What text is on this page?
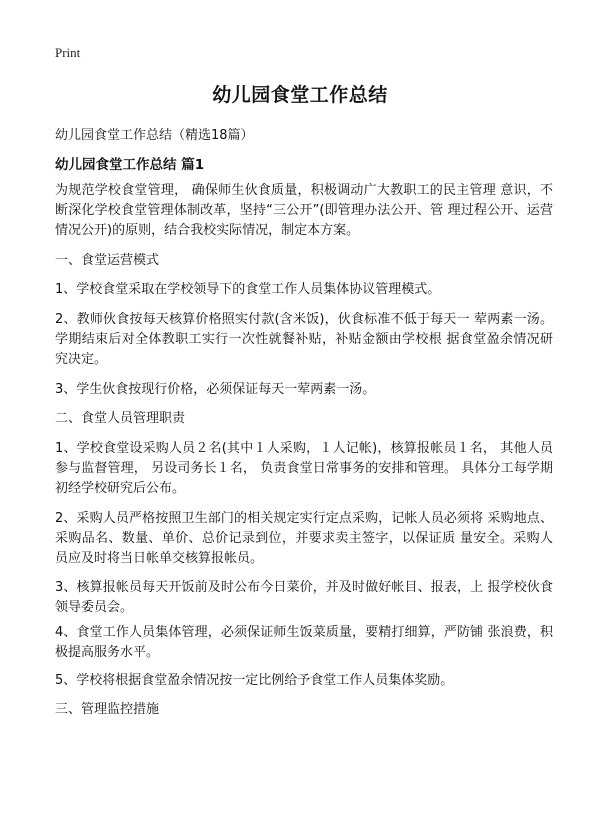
Print
幼儿园食堂工作总结

幼儿园食堂工作总结（精选18篇）

幼儿园食堂工作总结 篇1

为规范学校食堂管理， 确保师生伙食质量，积极调动广大教职工的民主管理 意识，不断深化学校食堂管理体制改革，坚持“三公开”(即管理办法公开、管 理过程公开、运营情况公开)的原则，结合我校实际情况，制定本方案。

一、食堂运营模式

1、学校食堂采取在学校领导下的食堂工作人员集体协议管理模式。

2、教师伙食按每天核算价格照实付款(含米饭)，伙食标准不低于每天一 荤两素一汤。 学期结束后对全体教职工实行一次性就餐补贴，补贴金额由学校根 据食堂盈余情况研究决定。

3、学生伙食按现行价格，必须保证每天一荤两素一汤。

二、食堂人员管理职责

1、学校食堂设采购人员２名(其中１人采购，１人记帐)，核算报帐员１名， 其他人员参与监督管理， 另设司务长１名， 负责食堂日常事务的安排和管理。 具体分工每学期初经学校研究后公布。

2、采购人员严格按照卫生部门的相关规定实行定点采购，记帐人员必须将 采购地点、采购品名、数量、单价、总价记录到位，并要求卖主签字，以保证质 量安全。采购人员应及时将当日帐单交核算报帐员。

3、核算报帐员每天开饭前及时公布今日菜价，并及时做好帐目、报表，上 报学校伙食领导委员会。

4、食堂工作人员集体管理，必须保证师生饭菜质量，要精打细算，严防铺 张浪费，积极提高服务水平。

5、学校将根据食堂盈余情况按一定比例给予食堂工作人员集体奖励。

三、管理监控措施
